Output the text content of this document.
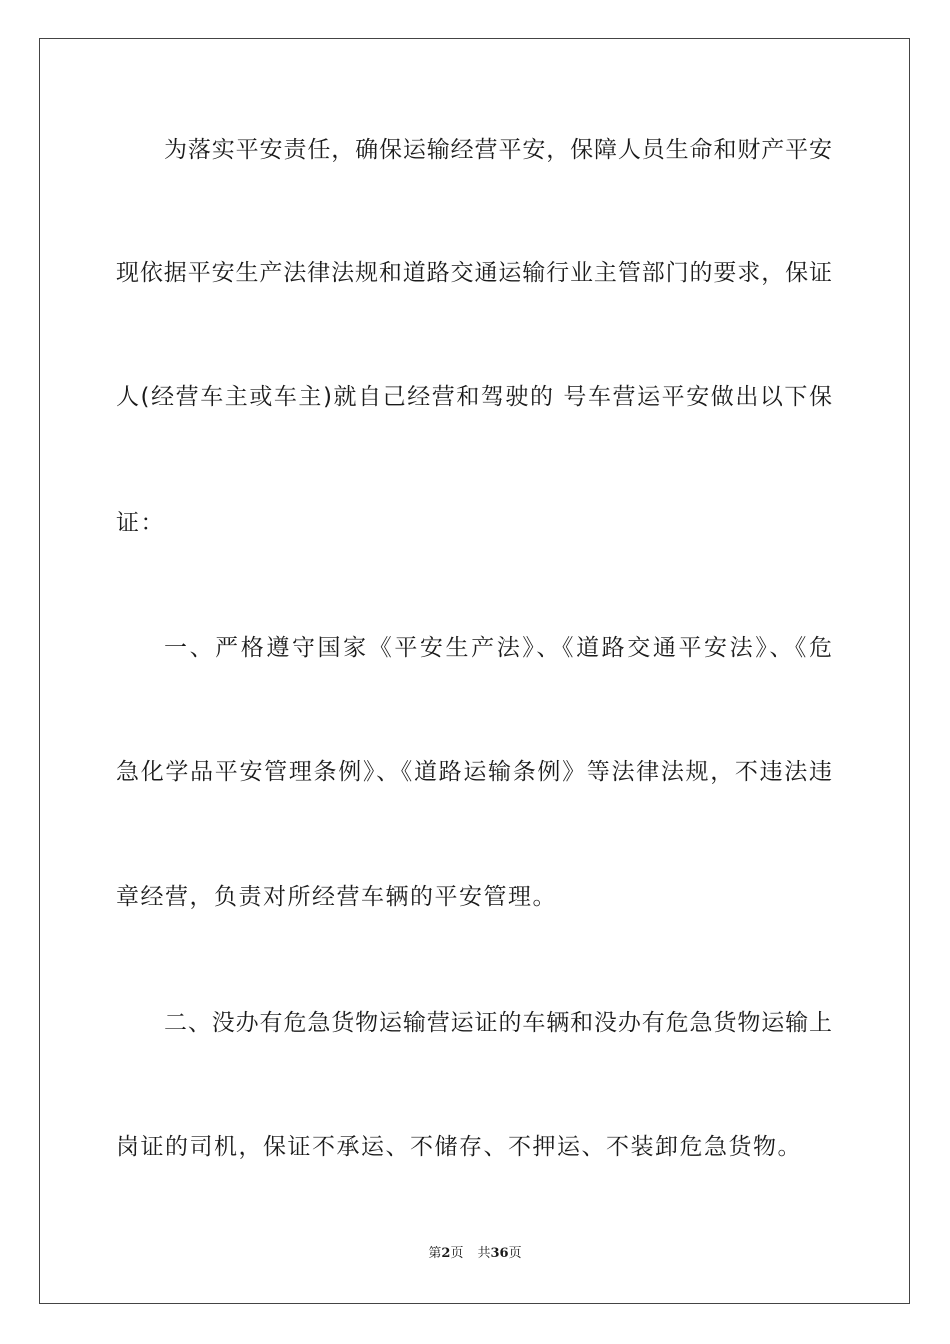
为落实平安责任，确保运输经营平安，保障人员生命和财产平安
现依据平安生产法律法规和道路交通运输行业主管部门的要求，保证
人(经营车主或车主)就自己经营和驾驶的 号车营运平安做出以下保
证：
一、严格遵守国家《平安生产法》、《道路交通平安法》、《危
急化学品平安管理条例》、《道路运输条例》等法律法规，不违法违
章经营，负责对所经营车辆的平安管理。
二、没办有危急货物运输营运证的车辆和没办有危急货物运输上
岗证的司机，保证不承运、不储存、不押运、不装卸危急货物。
第2页 共36页
